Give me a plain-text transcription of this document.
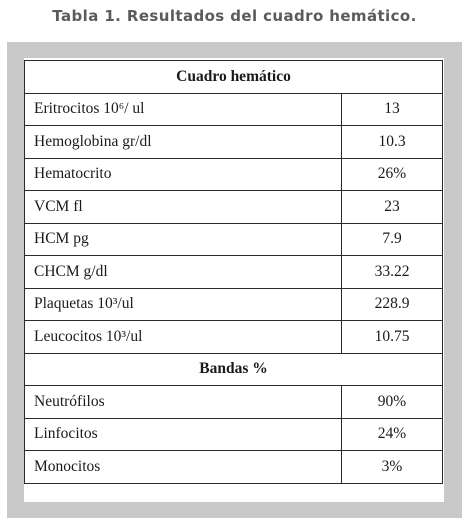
Tabla 1. Resultados del cuadro hemático.
Cuadro hemático	
Eritrocitos 10⁶/ ul	13
Hemoglobina gr/dl	10.3
Hematocrito	26%
VCM fl	23
HCM pg	7.9
CHCM g/dl	33.22
Plaquetas 10³/ul	228.9
Leucocitos 10³/ul	10.75
Bandas %	
Neutrófilos	90%
Linfocitos	24%
Monocitos	3%
